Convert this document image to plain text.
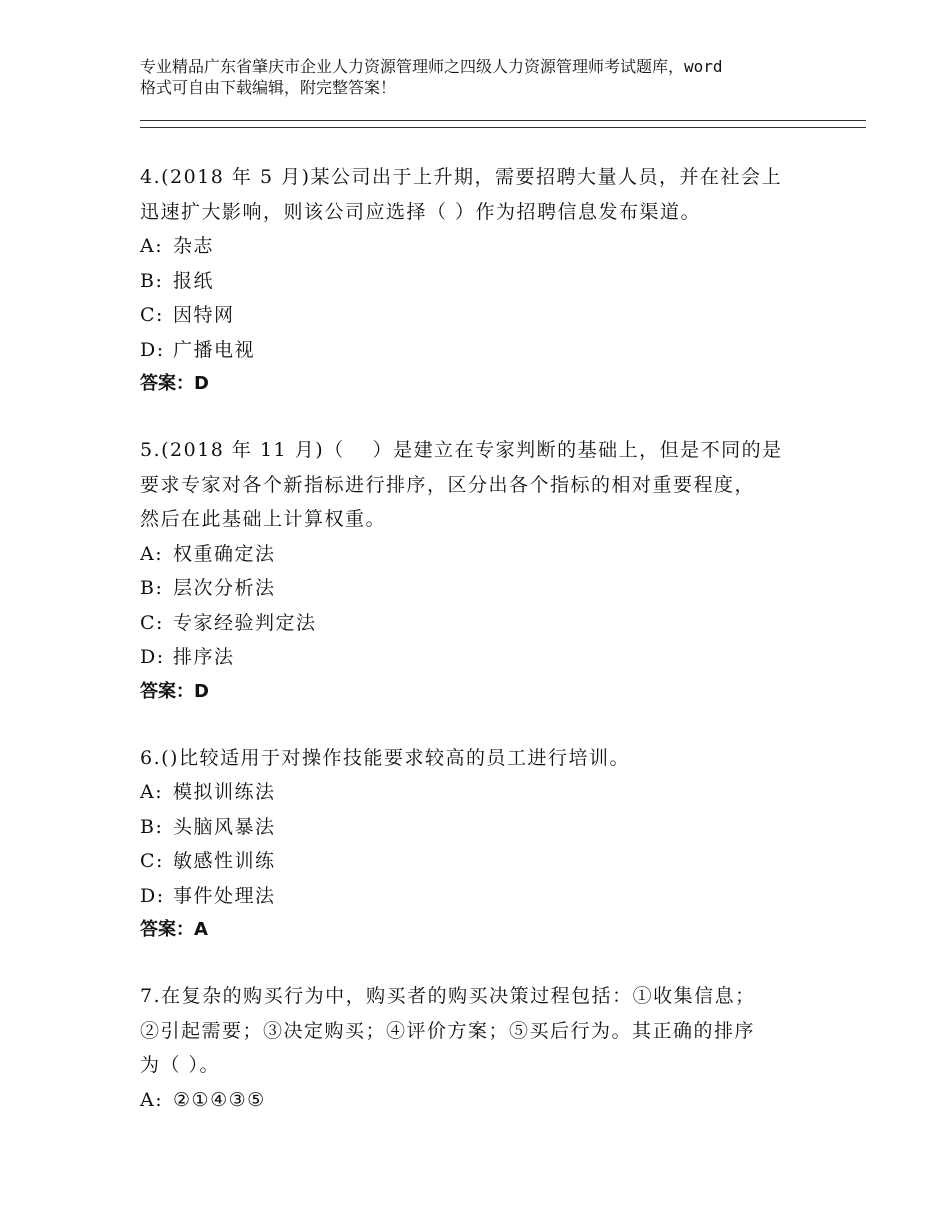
专业精品广东省肇庆市企业人力资源管理师之四级人力资源管理师考试题库，word
格式可自由下载编辑，附完整答案！

4.(2018 年 5 月)某公司出于上升期，需要招聘大量人员，并在社会上

迅速扩大影响，则该公司应选择（ ）作为招聘信息发布渠道。

A: 杂志

B: 报纸

C: 因特网

D: 广播电视

答案：D

5.(2018 年 11 月)（　 ）是建立在专家判断的基础上，但是不同的是

要求专家对各个新指标进行排序，区分出各个指标的相对重要程度，

然后在此基础上计算权重。

A: 权重确定法

B: 层次分析法

C: 专家经验判定法

D: 排序法

答案：D

6.()比较适用于对操作技能要求较高的员工进行培训。

A: 模拟训练法

B: 头脑风暴法

C: 敏感性训练

D: 事件处理法

答案：A

7.在复杂的购买行为中，购买者的购买决策过程包括：①收集信息；

②引起需要；③决定购买；④评价方案；⑤买后行为。其正确的排序

为（ ）。

A: ②①④③⑤
